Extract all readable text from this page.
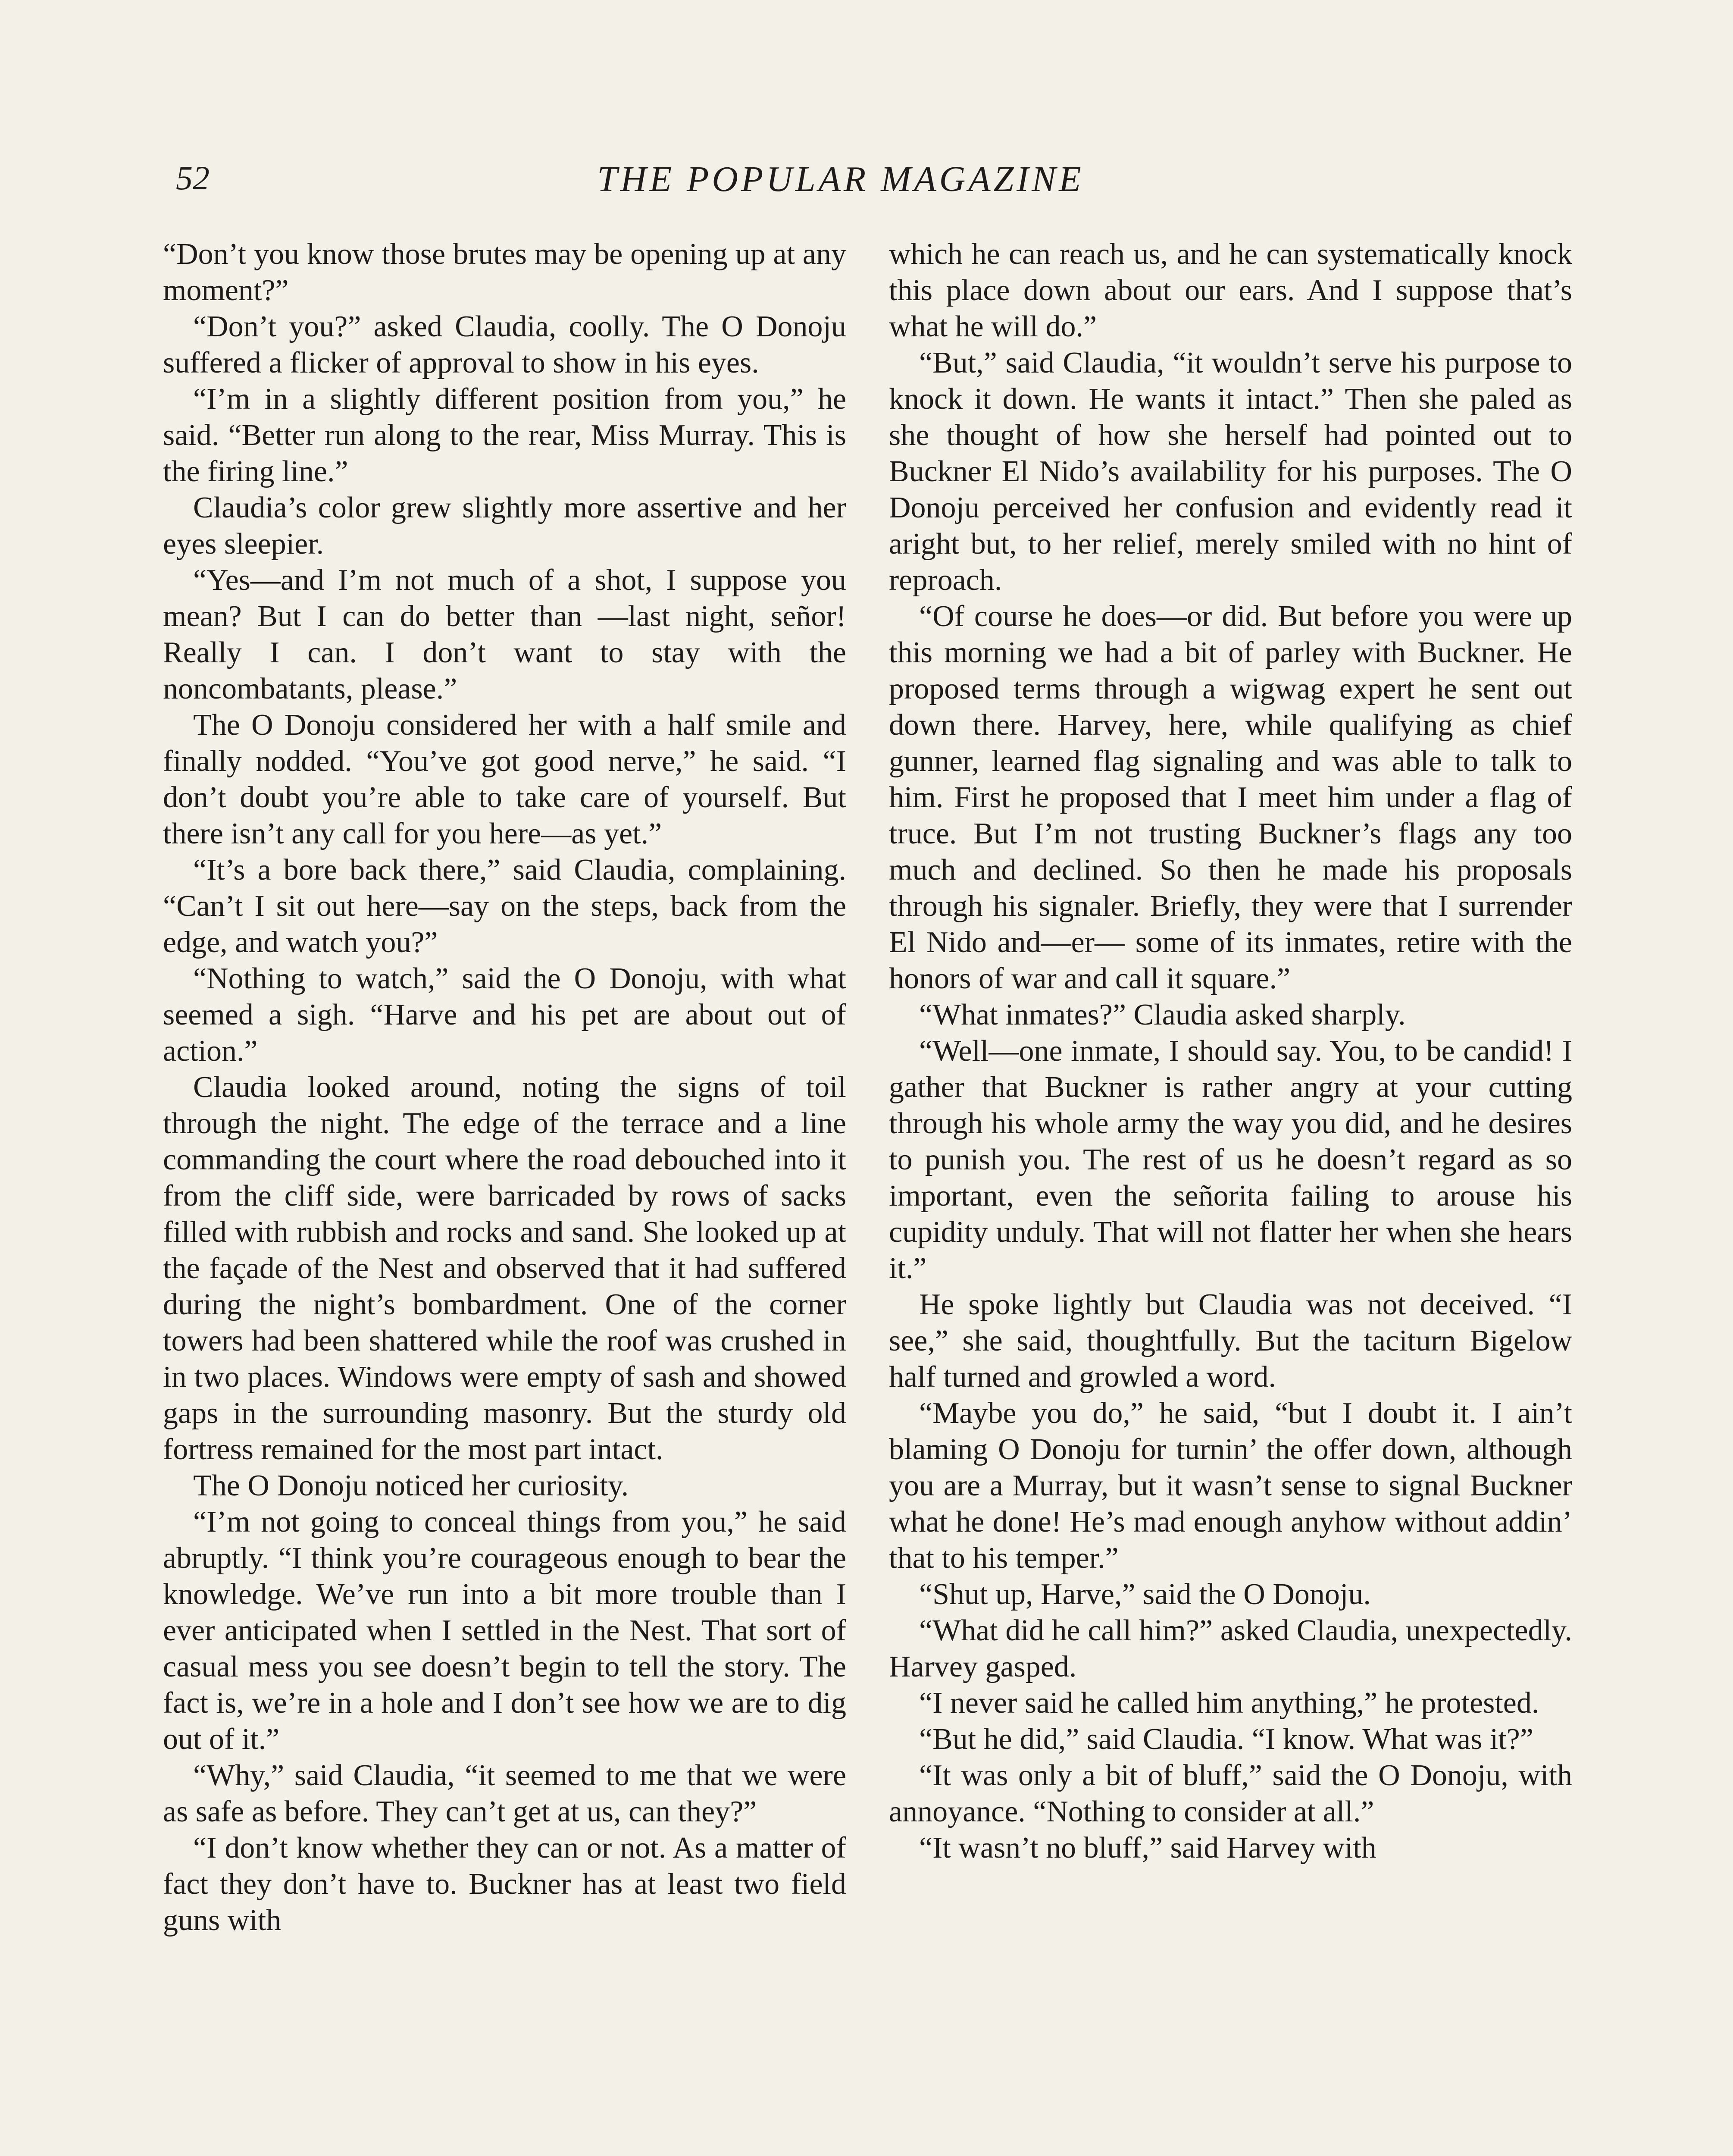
52	THE POPULAR MAGAZINE

“Don’t you know those brutes may be opening up at any moment?”

“Don’t you?” asked Claudia, coolly. The O Donoju suffered a flicker of approval to show in his eyes.

“I’m in a slightly different position from you,” he said. “Better run along to the rear, Miss Murray. This is the firing line.”

Claudia’s color grew slightly more assertive and her eyes sleepier.

“Yes—and I’m not much of a shot, I suppose you mean? But I can do better than —last night, señor! Really I can. I don’t want to stay with the noncombatants, please.”

The O Donoju considered her with a half smile and finally nodded. “You’ve got good nerve,” he said. “I don’t doubt you’re able to take care of yourself. But there isn’t any call for you here—as yet.”

“It’s a bore back there,” said Claudia, complaining. “Can’t I sit out here—say on the steps, back from the edge, and watch you?”

“Nothing to watch,” said the O Donoju, with what seemed a sigh. “Harve and his pet are about out of action.”

Claudia looked around, noting the signs of toil through the night. The edge of the terrace and a line commanding the court where the road debouched into it from the cliff side, were barricaded by rows of sacks filled with rubbish and rocks and sand. She looked up at the façade of the Nest and observed that it had suffered during the night’s bombardment. One of the corner towers had been shattered while the roof was crushed in in two places. Windows were empty of sash and showed gaps in the surrounding masonry. But the sturdy old fortress remained for the most part intact.

The O Donoju noticed her curiosity.

“I’m not going to conceal things from you,” he said abruptly. “I think you’re courageous enough to bear the knowledge. We’ve run into a bit more trouble than I ever anticipated when I settled in the Nest. That sort of casual mess you see doesn’t begin to tell the story. The fact is, we’re in a hole and I don’t see how we are to dig out of it.”

“Why,” said Claudia, “it seemed to me that we were as safe as before. They can’t get at us, can they?”

“I don’t know whether they can or not. As a matter of fact they don’t have to. Buckner has at least two field guns with

which he can reach us, and he can systematically knock this place down about our ears. And I suppose that’s what he will do.”

“But,” said Claudia, “it wouldn’t serve his purpose to knock it down. He wants it intact.” Then she paled as she thought of how she herself had pointed out to Buckner El Nido’s availability for his purposes. The O Donoju perceived her confusion and evidently read it aright but, to her relief, merely smiled with no hint of reproach.

“Of course he does—or did. But before you were up this morning we had a bit of parley with Buckner. He proposed terms through a wigwag expert he sent out down there. Harvey, here, while qualifying as chief gunner, learned flag signaling and was able to talk to him. First he proposed that I meet him under a flag of truce. But I’m not trusting Buckner’s flags any too much and declined. So then he made his proposals through his signaler. Briefly, they were that I surrender El Nido and—er— some of its inmates, retire with the honors of war and call it square.”

“What inmates?” Claudia asked sharply.

“Well—one inmate, I should say. You, to be candid! I gather that Buckner is rather angry at your cutting through his whole army the way you did, and he desires to punish you. The rest of us he doesn’t regard as so important, even the señorita failing to arouse his cupidity unduly. That will not flatter her when she hears it.”

He spoke lightly but Claudia was not deceived. “I see,” she said, thoughtfully. But the taciturn Bigelow half turned and growled a word.

“Maybe you do,” he said, “but I doubt it. I ain’t blaming O Donoju for turnin’ the offer down, although you are a Murray, but it wasn’t sense to signal Buckner what he done! He’s mad enough anyhow without addin’ that to his temper.”

“Shut up, Harve,” said the O Donoju.

“What did he call him?” asked Claudia, unexpectedly. Harvey gasped.

“I never said he called him anything,” he protested.

“But he did,” said Claudia. “I know. What was it?”

“It was only a bit of bluff,” said the O Donoju, with annoyance. “Nothing to consider at all.”

“It wasn’t no bluff,” said Harvey with
